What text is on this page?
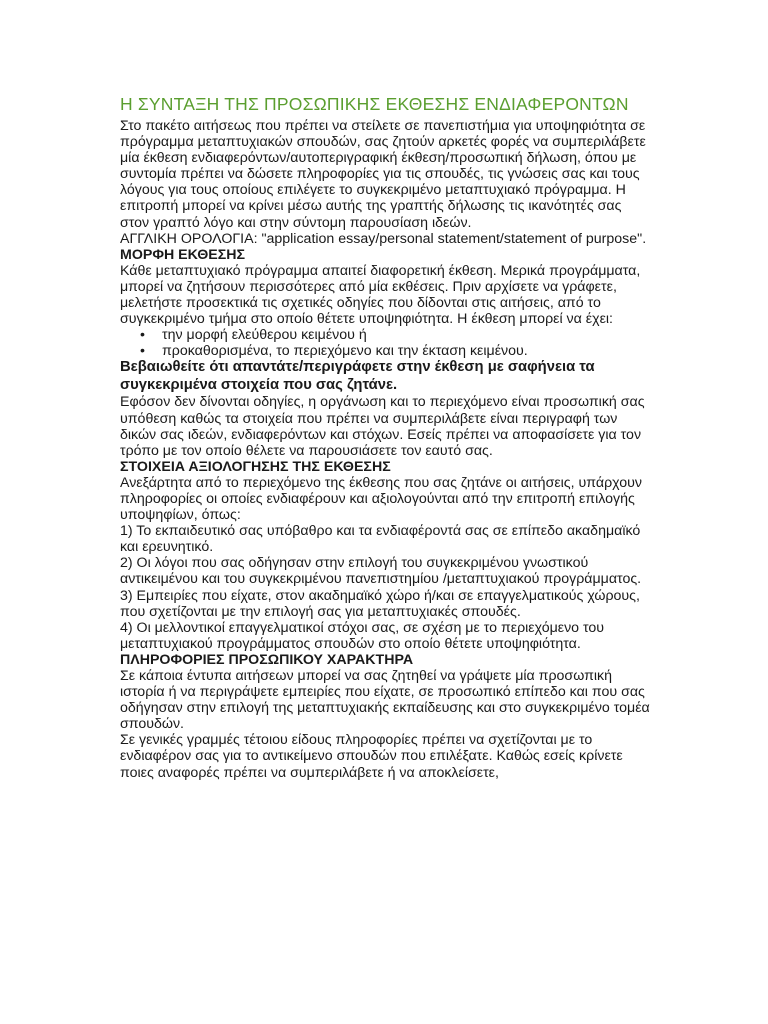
Η ΣΥΝΤΑΞΗ ΤΗΣ ΠΡΟΣΩΠΙΚΗΣ ΕΚΘΕΣΗΣ ΕΝΔΙΑΦΕΡΟΝΤΩΝ

Στο πακέτο αιτήσεως που πρέπει να στείλετε σε πανεπιστήμια για υποψηφιότητα σε πρόγραμμα μεταπτυχιακών σπουδών, σας ζητούν αρκετές φορές να συμπεριλάβετε μία έκθεση ενδιαφερόντων/αυτοπεριγραφική έκθεση/προσωπική δήλωση, όπου με συντομία πρέπει να δώσετε πληροφορίες για τις σπουδές, τις γνώσεις σας και τους λόγους για τους οποίους επιλέγετε το συγκεκριμένο μεταπτυχιακό πρόγραμμα. Η επιτροπή μπορεί να κρίνει μέσω αυτής της γραπτής δήλωσης τις ικανότητές σας στον γραπτό λόγο και στην σύντομη παρουσίαση ιδεών.

ΑΓΓΛΙΚΗ ΟΡΟΛΟΓΙΑ: "application essay/personal statement/statement of purpose".

ΜΟΡΦΗ ΕΚΘΕΣΗΣ

Κάθε μεταπτυχιακό πρόγραμμα απαιτεί διαφορετική έκθεση. Μερικά προγράμματα, μπορεί να ζητήσουν περισσότερες από μία εκθέσεις. Πριν αρχίσετε να γράφετε, μελετήστε προσεκτικά τις σχετικές οδηγίες που δίδονται στις αιτήσεις, από το συγκεκριμένο τμήμα στο οποίο θέτετε υποψηφιότητα. Η έκθεση μπορεί να έχει:

• την μορφή ελεύθερου κειμένου ή
• προκαθορισμένα, το περιεχόμενο και την έκταση κειμένου.

Βεβαιωθείτε ότι απαντάτε/περιγράφετε στην έκθεση με σαφήνεια τα συγκεκριμένα στοιχεία που σας ζητάνε.

Εφόσον δεν δίνονται οδηγίες, η οργάνωση και το περιεχόμενο είναι προσωπική σας υπόθεση καθώς τα στοιχεία που πρέπει να συμπεριλάβετε είναι περιγραφή των δικών σας ιδεών, ενδιαφερόντων και στόχων. Εσείς πρέπει να αποφασίσετε για τον τρόπο με τον οποίο θέλετε να παρουσιάσετε τον εαυτό σας.

ΣΤΟΙΧΕΙΑ ΑΞΙΟΛΟΓΗΣΗΣ ΤΗΣ ΕΚΘΕΣΗΣ

Ανεξάρτητα από το περιεχόμενο της έκθεσης που σας ζητάνε οι αιτήσεις, υπάρχουν πληροφορίες οι οποίες ενδιαφέρουν και αξιολογούνται από την επιτροπή επιλογής υποψηφίων, όπως:

1) Το εκπαιδευτικό σας υπόβαθρο και τα ενδιαφέροντά σας σε επίπεδο ακαδημαϊκό και ερευνητικό.

2) Οι λόγοι που σας οδήγησαν στην επιλογή του συγκεκριμένου γνωστικού αντικειμένου και του συγκεκριμένου πανεπιστημίου /μεταπτυχιακού προγράμματος.

3) Εμπειρίες που είχατε, στον ακαδημαϊκό χώρο ή/και σε επαγγελματικούς χώρους, που σχετίζονται με την επιλογή σας για μεταπτυχιακές σπουδές.

4) Οι μελλοντικοί επαγγελματικοί στόχοι σας, σε σχέση με το περιεχόμενο του μεταπτυχιακού προγράμματος σπουδών στο οποίο θέτετε υποψηφιότητα.

ΠΛΗΡΟΦΟΡΙΕΣ ΠΡΟΣΩΠΙΚΟΥ ΧΑΡΑΚΤΗΡΑ

Σε κάποια έντυπα αιτήσεων μπορεί να σας ζητηθεί να γράψετε μία προσωπική ιστορία ή να περιγράψετε εμπειρίες που είχατε, σε προσωπικό επίπεδο και που σας οδήγησαν στην επιλογή της μεταπτυχιακής εκπαίδευσης και στο συγκεκριμένο τομέα σπουδών.

Σε γενικές γραμμές τέτοιου είδους πληροφορίες πρέπει να σχετίζονται με το ενδιαφέρον σας για το αντικείμενο σπουδών που επιλέξατε. Καθώς εσείς κρίνετε ποιες αναφορές πρέπει να συμπεριλάβετε ή να αποκλείσετε,
